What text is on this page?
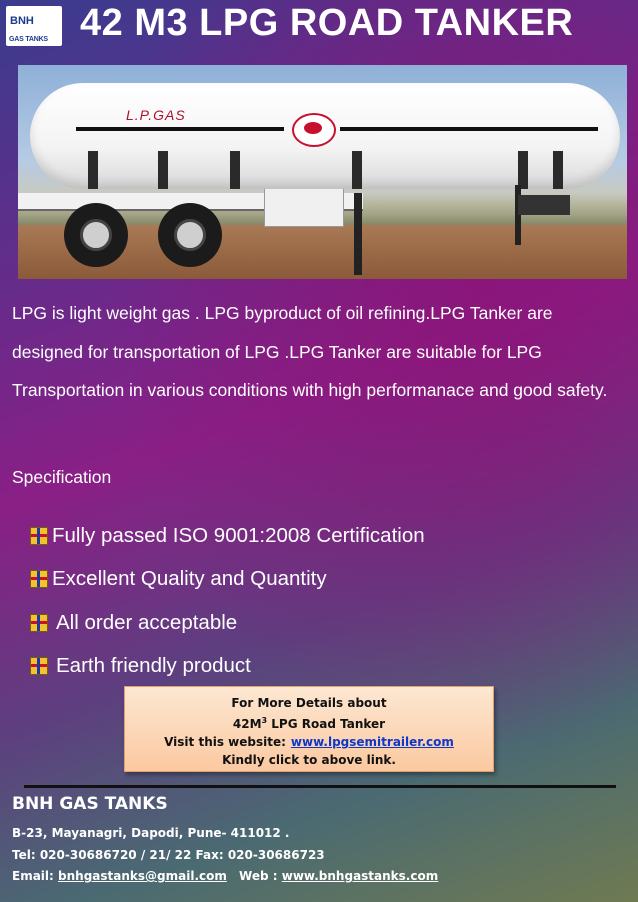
BNH
GAS TANKS 42 M3 LPG ROAD TANKER
L.P.GAS
LPG is light weight gas . LPG byproduct of oil refining.LPG Tanker are designed for transportation of LPG .LPG Tanker are suitable for LPG Transportation in various conditions with high performanace and good safety.
Specification
Fully passed ISO 9001:2008 Certification
Excellent Quality and Quantity
All order acceptable
Earth friendly product
For More Details about
$42M^3$ LPG Road Tanker
Visit this website: www.lpgsemitrailer.com
Kindly click to above link.
BNH GAS TANKS
B-23, Mayanagri, Dapodi, Pune- 411012 .
Tel: 020-30686720 / 21/ 22 Fax: 020-30686723
Email: bnhgastanks@gmail.com Web : www.bnhgastanks.com
